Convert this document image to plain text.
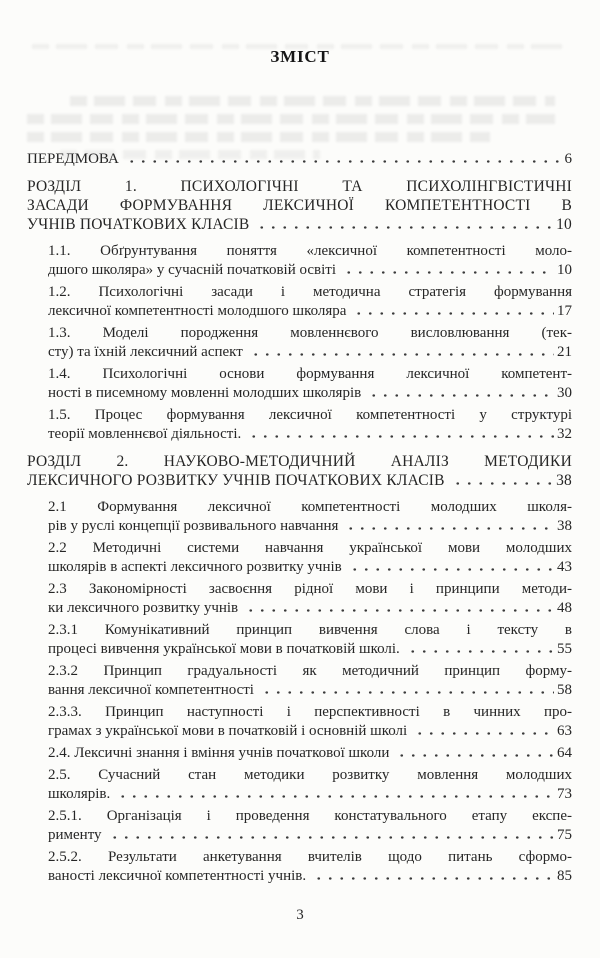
ЗМІСТ
ПЕРЕДМОВА	6
РОЗДІЛ 1. ПСИХОЛОГІЧНІ ТА ПСИХОЛІНГВІСТИЧНІ
ЗАСАДИ ФОРМУВАННЯ ЛЕКСИЧНОЇ КОМПЕТЕНТНОСТІ В
УЧНІВ ПОЧАТКОВИХ КЛАСІВ	10
1.1. Обґрунтування поняття «лексичної компетентності моло-
дшого школяра» у сучасній початковій освіті	10
1.2. Психологічні засади і методична стратегія формування
лексичної компетентності молодшого школяра	17
1.3. Моделі породження мовленнєвого висловлювання (тек-
сту) та їхній лексичний аспект	21
1.4. Психологічні основи формування лексичної компетент-
ності в писемному мовленні молодших школярів	30
1.5. Процес формування лексичної компетентності у структурі
теорії мовленнєвої діяльності.	32
РОЗДІЛ 2. НАУКОВО-МЕТОДИЧНИЙ АНАЛІЗ МЕТОДИКИ
ЛЕКСИЧНОГО РОЗВИТКУ УЧНІВ ПОЧАТКОВИХ КЛАСІВ	38
2.1 Формування лексичної компетентності молодших школя-
рів у руслі концепції розвивального навчання	38
2.2 Методичні системи навчання української мови молодших
школярів в аспекті лексичного розвитку учнів	43
2.3 Закономірності засвоєння рідної мови і принципи методи-
ки лексичного розвитку учнів	48
2.3.1 Комунікативний принцип вивчення слова і тексту в
процесі вивчення української мови в початковій школі.	55
2.3.2 Принцип градуальності як методичний принцип форму-
вання лексичної компетентності	58
2.3.3. Принцип наступності і перспективності в чинних про-
грамах з української мови в початковій і основній школі	63
2.4. Лексичні знання і вміння учнів початкової школи	64
2.5. Сучасний стан методики розвитку мовлення молодших
школярів.	73
2.5.1. Організація і проведення констатувального етапу експе-
рименту	75
2.5.2. Результати анкетування вчителів щодо питань сформо-
ваності лексичної компетентності учнів.	85
3
